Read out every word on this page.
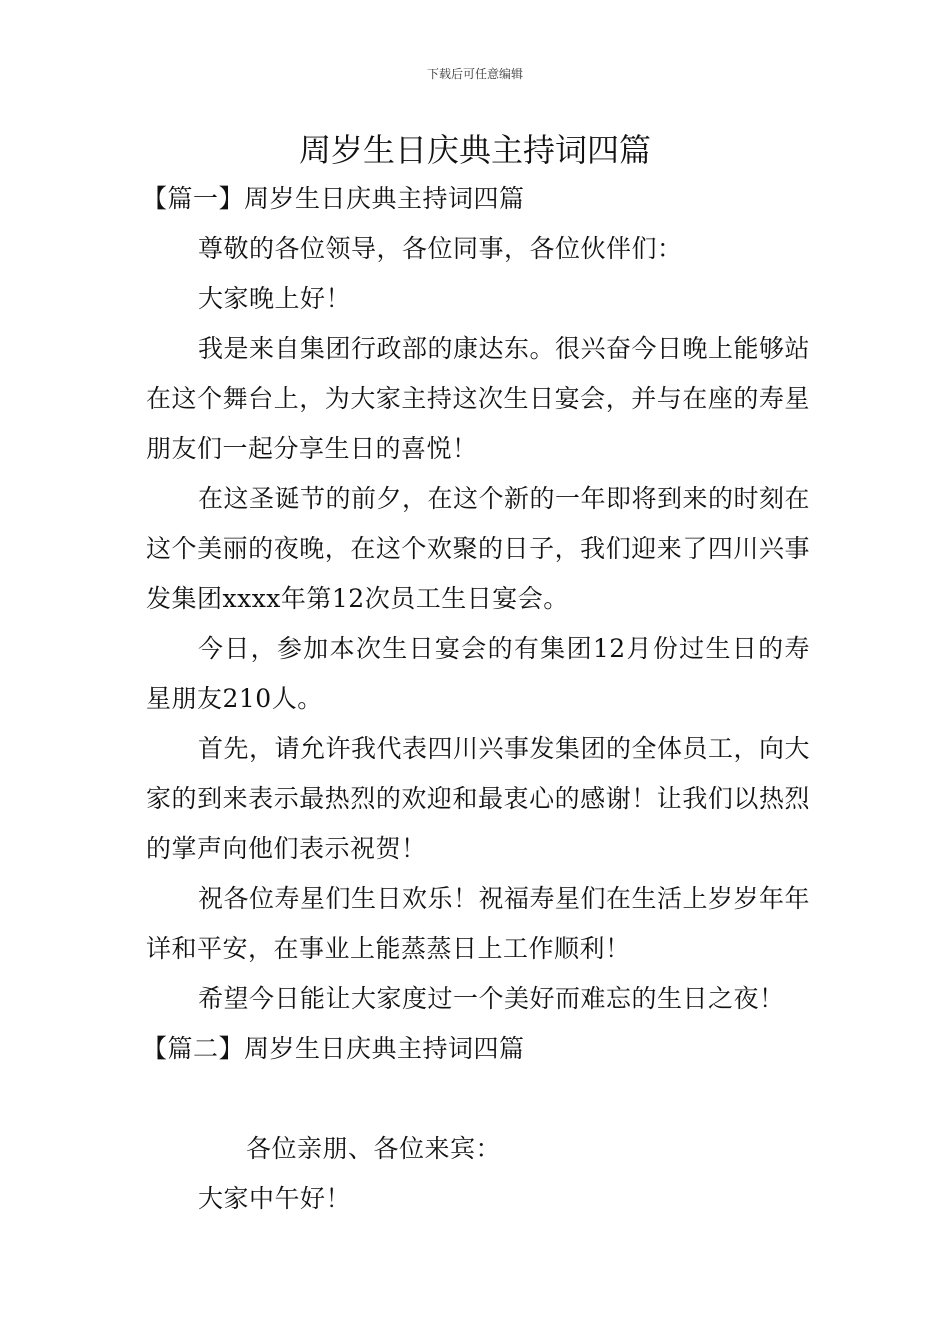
下载后可任意编辑
周岁生日庆典主持词四篇

【篇一】周岁生日庆典主持词四篇

尊敬的各位领导，各位同事，各位伙伴们：

大家晚上好！

我是来自集团行政部的康达东。很兴奋今日晚上能够站在这个舞台上，为大家主持这次生日宴会，并与在座的寿星朋友们一起分享生日的喜悦！

在这圣诞节的前夕，在这个新的一年即将到来的时刻在这个美丽的夜晚，在这个欢聚的日子，我们迎来了四川兴事发集团xxxx年第12次员工生日宴会。

今日，参加本次生日宴会的有集团12月份过生日的寿星朋友210人。

首先，请允许我代表四川兴事发集团的全体员工，向大家的到来表示最热烈的欢迎和最衷心的感谢！让我们以热烈的掌声向他们表示祝贺！

祝各位寿星们生日欢乐！祝福寿星们在生活上岁岁年年详和平安，在事业上能蒸蒸日上工作顺利！

希望今日能让大家度过一个美好而难忘的生日之夜！

【篇二】周岁生日庆典主持词四篇

各位亲朋、各位来宾：

大家中午好！
